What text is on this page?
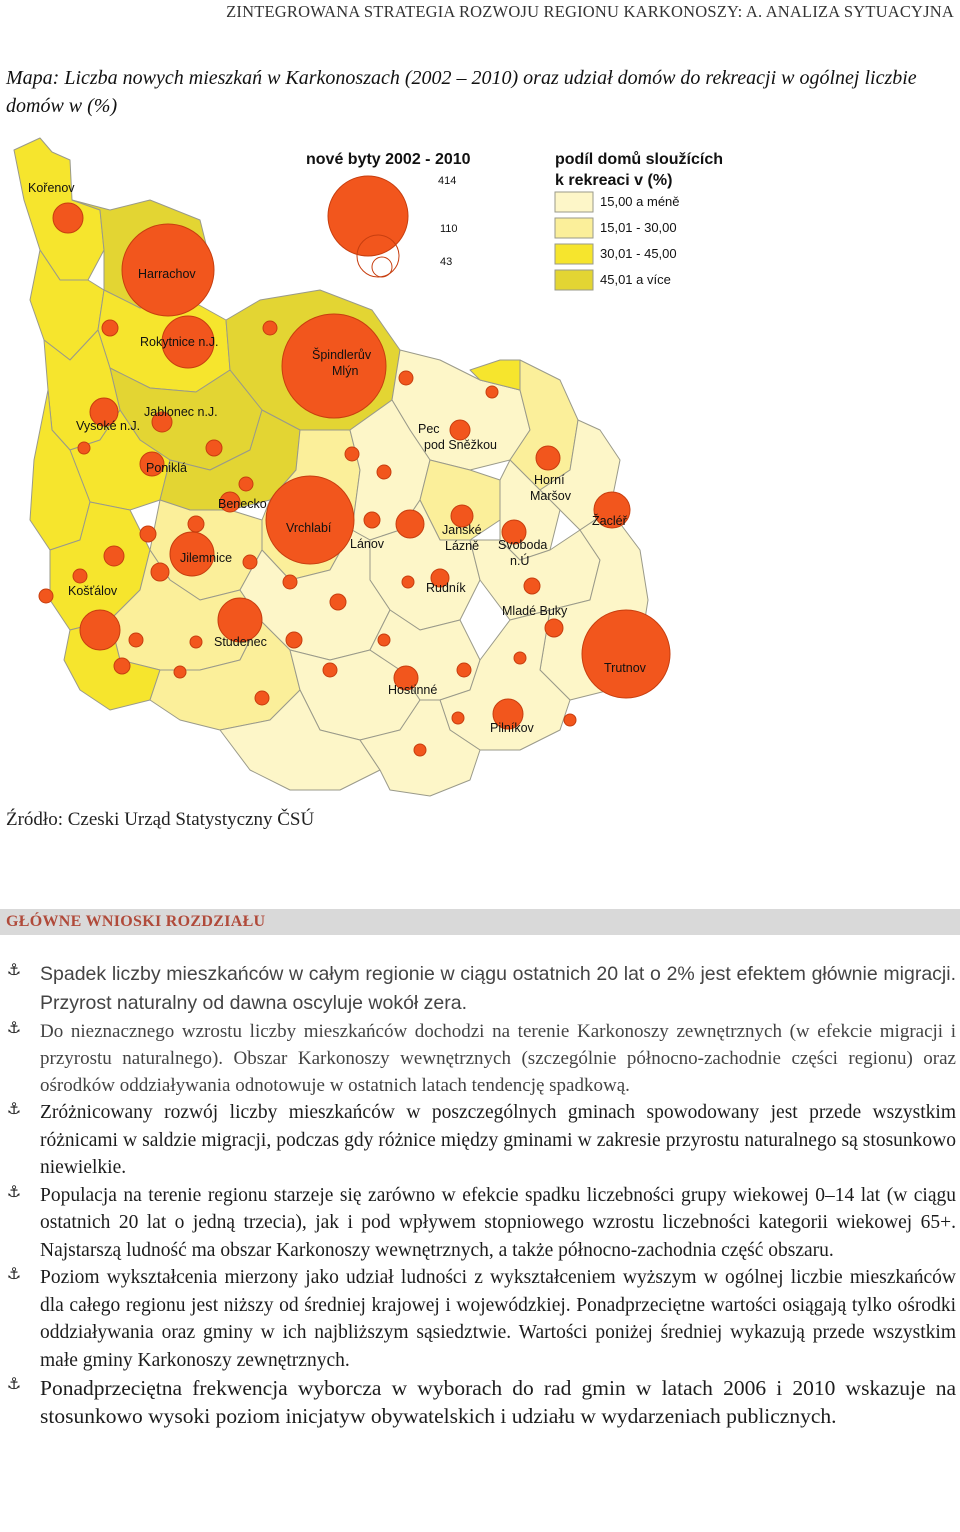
ZINTEGROWANA STRATEGIA ROZWOJU REGIONU KARKONOSZY: A. ANALIZA SYTUACYJNA
Mapa: Liczba nowych mieszkań w Karkonoszach (2002 – 2010) oraz udział domów do rekreacji w ogólnej liczbie domów w (%)
Kořenov
Harrachov
Rokytnice n.J.
Špindlerův
Mlýn
Jablonec n.J.
Vysoké n.J.	Pec
pod Sněžkou
Poniklá
Horní
Maršov
Benecko
Žacléř
Vrchlabí
Lánov
Janské
Lázně Svoboda
n.Ú
Jilemnice
Košťálov	Rudník
Mladé Buky
Studenec
Trutnov
Hostinné
Pilníkov
nové byty 2002 - 2010
414
110
43
podíl domů sloužících
k rekreaci v (%)
15,00 a méně
15,01 - 30,00
30,01 - 45,00
45,01 a více
Źródło: Czeski Urząd Statystyczny ČSÚ
GŁÓWNE WNIOSKI ROZDZIAŁU
⚓ Spadek liczby mieszkańców w całym regionie w ciągu ostatnich 20 lat o 2% jest efektem głównie migracji. Przyrost naturalny od dawna oscyluje wokół zera.
⚓ Do nieznacznego wzrostu liczby mieszkańców dochodzi na terenie Karkonoszy zewnętrznych (w efekcie migracji i przyrostu naturalnego). Obszar Karkonoszy wewnętrznych (szczególnie północno-zachodnie części regionu) oraz ośrodków oddziaływania odnotowuje w ostatnich latach tendencję spadkową.
⚓ Zróżnicowany rozwój liczby mieszkańców w poszczególnych gminach spowodowany jest przede wszystkim różnicami w saldzie migracji, podczas gdy różnice między gminami w zakresie przyrostu naturalnego są stosunkowo niewielkie.
⚓ Populacja na terenie regionu starzeje się zarówno w efekcie spadku liczebności grupy wiekowej 0–14 lat (w ciągu ostatnich 20 lat o jedną trzecia), jak i pod wpływem stopniowego wzrostu liczebności kategorii wiekowej 65+. Najstarszą ludność ma obszar Karkonoszy wewnętrznych, a także północno-zachodnia część obszaru.
⚓ Poziom wykształcenia mierzony jako udział ludności z wykształceniem wyższym w ogólnej liczbie mieszkańców dla całego regionu jest niższy od średniej krajowej i wojewódzkiej. Ponadprzeciętne wartości osiągają tylko ośrodki oddziaływania oraz gminy w ich najbliższym sąsiedztwie. Wartości poniżej średniej wykazują przede wszystkim małe gminy Karkonoszy zewnętrznych.
⚓ Ponadprzeciętna frekwencja wyborcza w wyborach do rad gmin w latach 2006 i 2010 wskazuje na stosunkowo wysoki poziom inicjatyw obywatelskich i udziału w wydarzeniach publicznych.
